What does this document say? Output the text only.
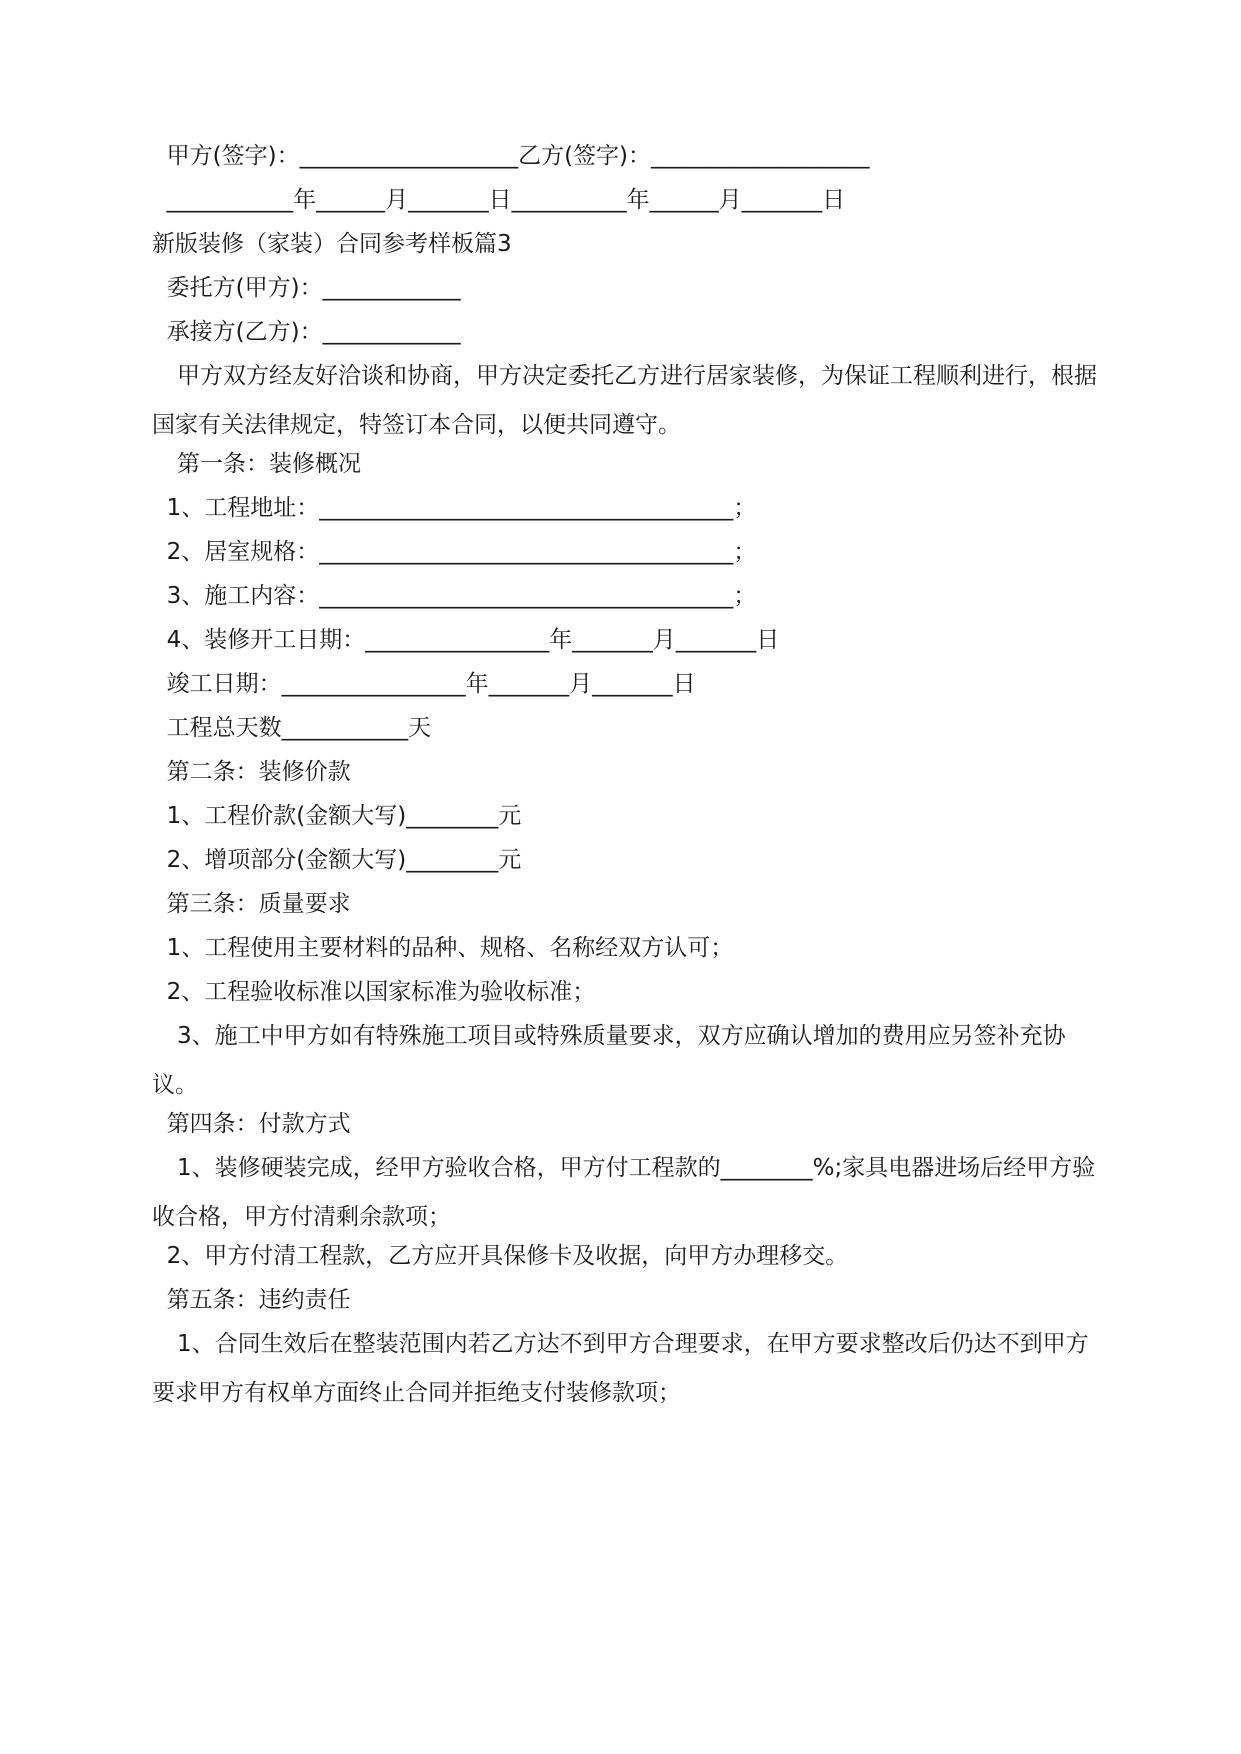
甲方(签字)：___________________乙方(签字)：___________________
___________年______月_______日__________年______月_______日
新版装修（家装）合同参考样板篇3
委托方(甲方)：____________
承接方(乙方)：____________
甲方双方经友好洽谈和协商，甲方决定委托乙方进行居家装修，为保证工程顺利进行，根据国家有关法律规定，特签订本合同，以便共同遵守。
第一条：装修概况
1、工程地址：____________________________________；
2、居室规格：____________________________________；
3、施工内容：____________________________________；
4、装修开工日期：________________年_______月_______日
竣工日期：________________年_______月_______日
工程总天数___________天
第二条：装修价款
1、工程价款(金额大写)________元
2、增项部分(金额大写)________元
第三条：质量要求
1、工程使用主要材料的品种、规格、名称经双方认可；
2、工程验收标准以国家标准为验收标准；
3、施工中甲方如有特殊施工项目或特殊质量要求，双方应确认增加的费用应另签补充协议。
第四条：付款方式
1、装修硬装完成，经甲方验收合格，甲方付工程款的________%;家具电器进场后经甲方验收合格，甲方付清剩余款项；
2、甲方付清工程款，乙方应开具保修卡及收据，向甲方办理移交。
第五条：违约责任
1、合同生效后在整装范围内若乙方达不到甲方合理要求，在甲方要求整改后仍达不到甲方要求甲方有权单方面终止合同并拒绝支付装修款项；
